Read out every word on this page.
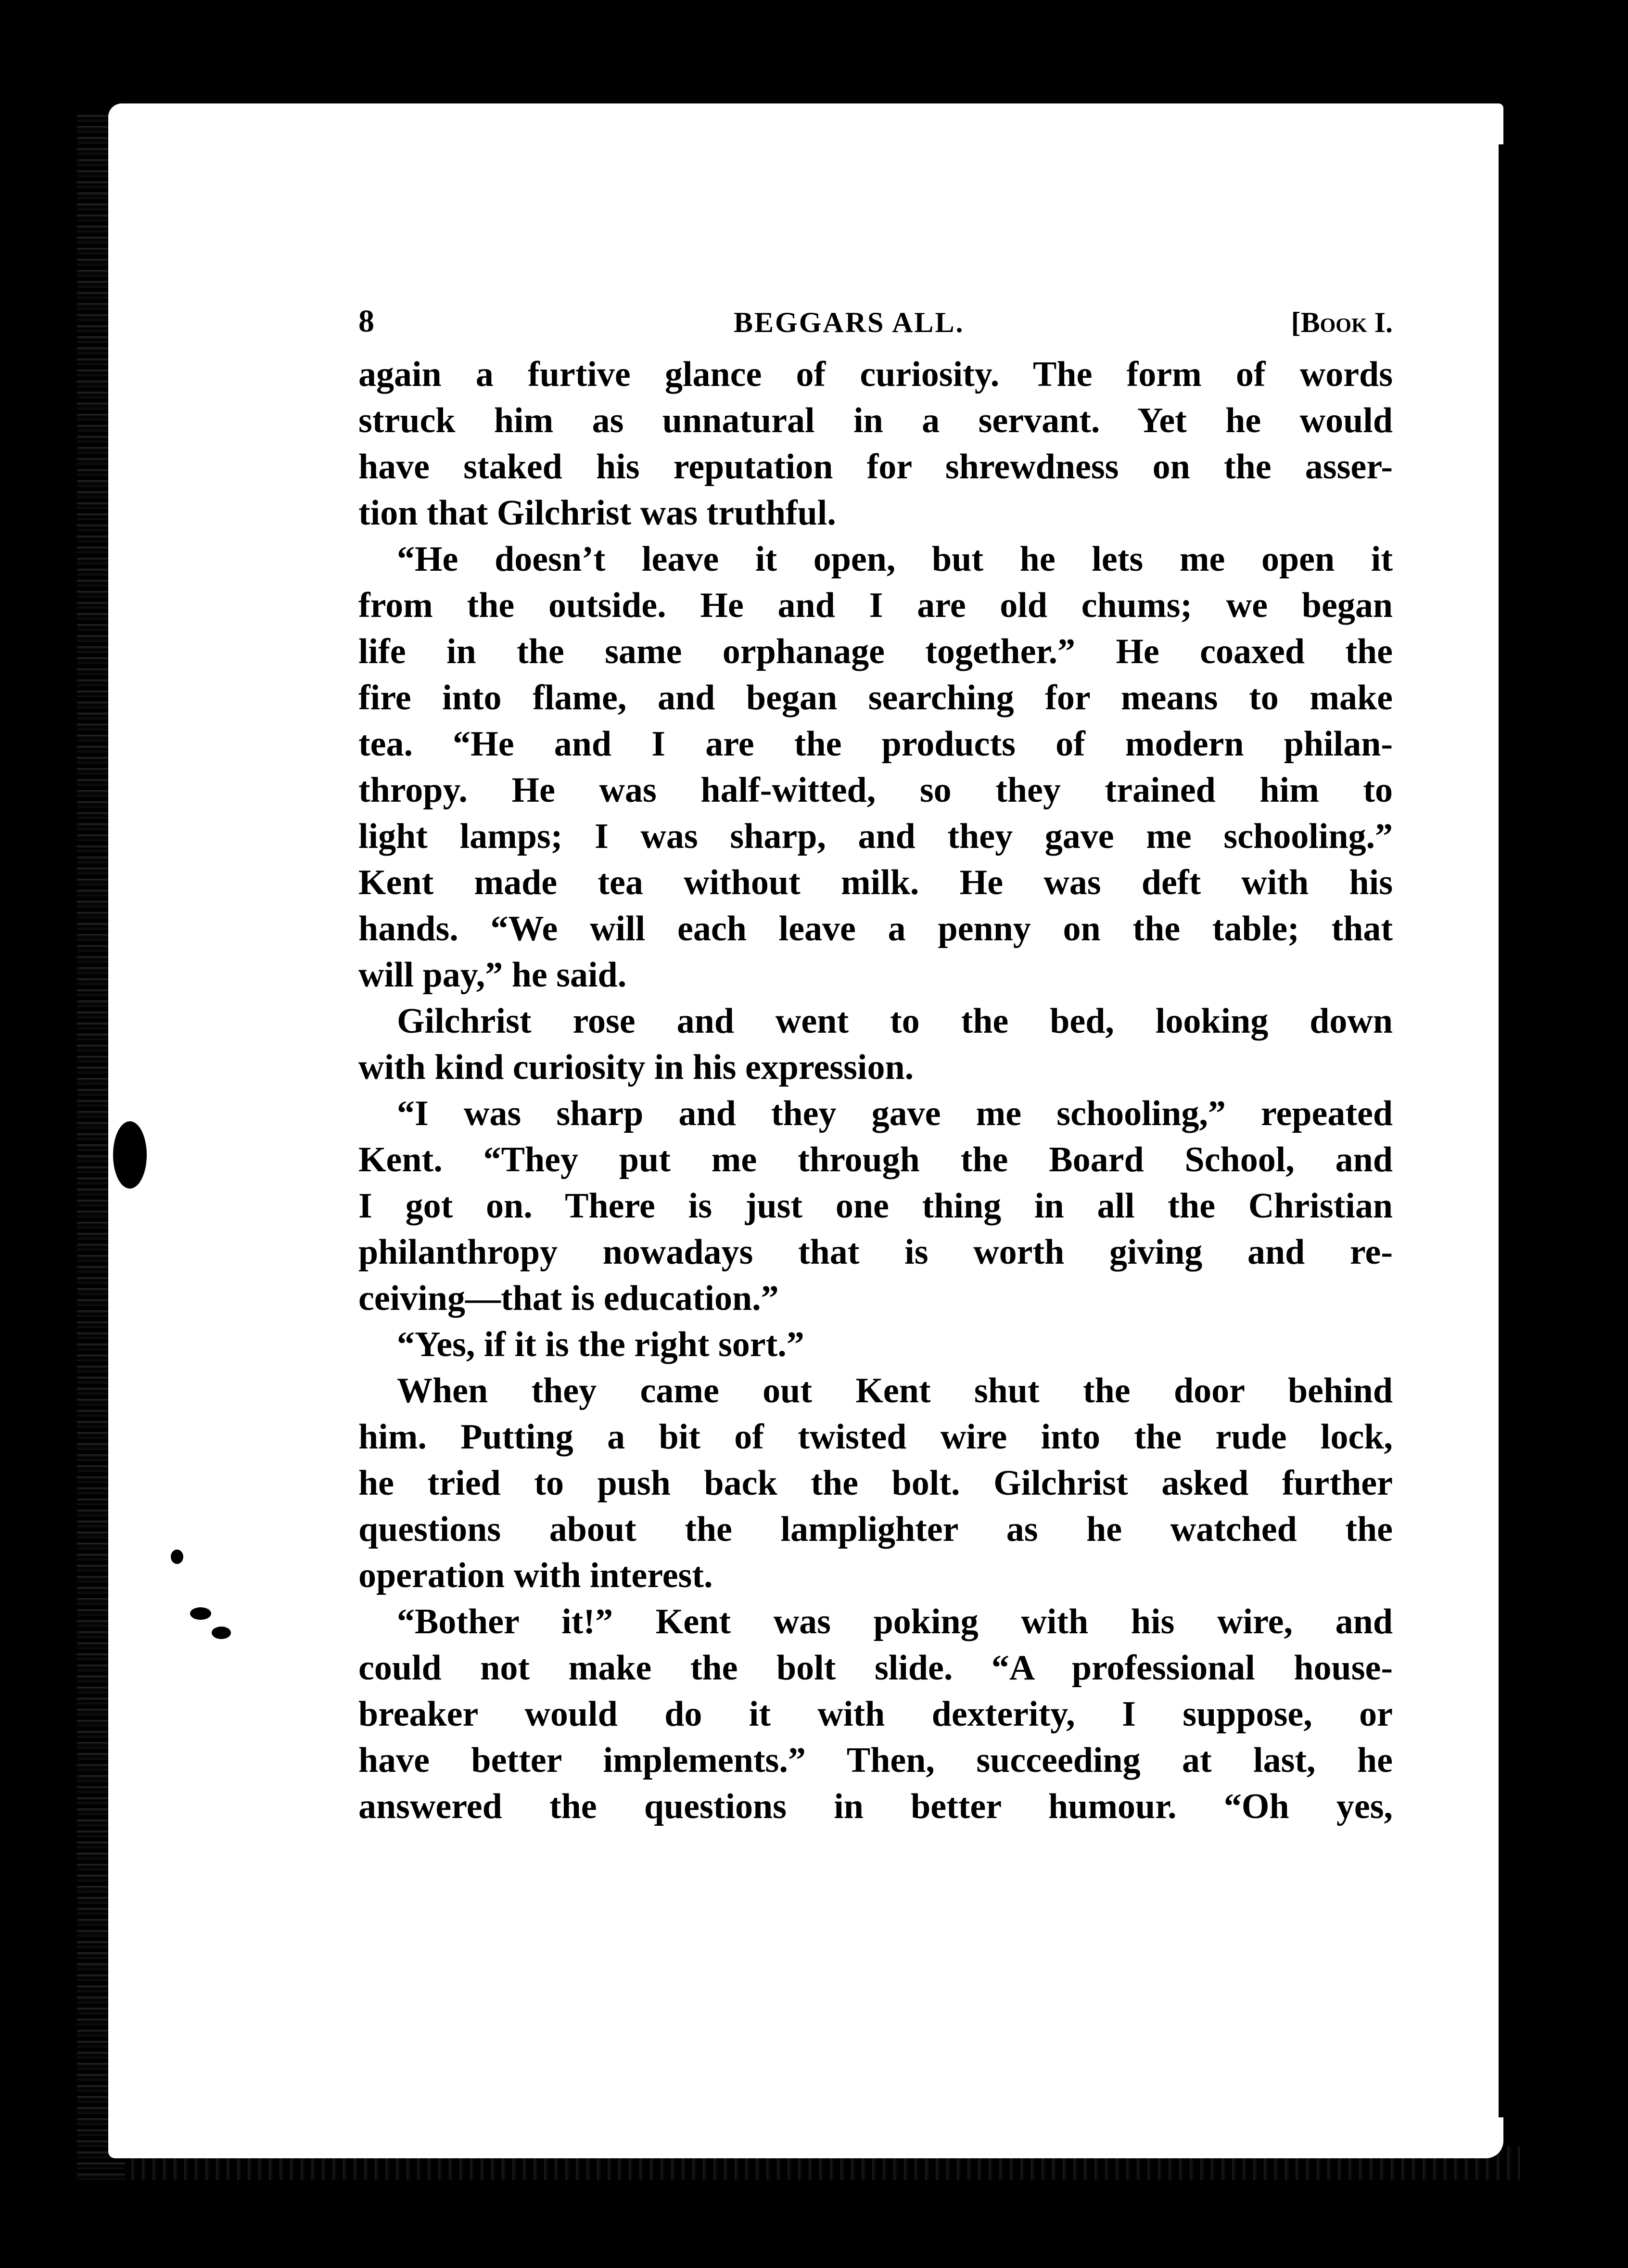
8	BEGGARS ALL.	[Book I.
again a furtive glance of curiosity. The form of words
struck him as unnatural in a servant. Yet he would
have staked his reputation for shrewdness on the asser-
tion that Gilchrist was truthful.
“He doesn’t leave it open, but he lets me open it
from the outside. He and I are old chums; we began
life in the same orphanage together.” He coaxed the
fire into flame, and began searching for means to make
tea. “He and I are the products of modern philan-
thropy. He was half-witted, so they trained him to
light lamps; I was sharp, and they gave me schooling.”
Kent made tea without milk. He was deft with his
hands. “We will each leave a penny on the table; that
will pay,” he said.
Gilchrist rose and went to the bed, looking down
with kind curiosity in his expression.
“I was sharp and they gave me schooling,” repeated
Kent. “They put me through the Board School, and
I got on. There is just one thing in all the Christian
philanthropy nowadays that is worth giving and re-
ceiving—that is education.”
“Yes, if it is the right sort.”
When they came out Kent shut the door behind
him. Putting a bit of twisted wire into the rude lock,
he tried to push back the bolt. Gilchrist asked further
questions about the lamplighter as he watched the
operation with interest.
“Bother it!” Kent was poking with his wire, and
could not make the bolt slide. “A professional house-
breaker would do it with dexterity, I suppose, or
have better implements.” Then, succeeding at last, he
answered the questions in better humour. “Oh yes,
